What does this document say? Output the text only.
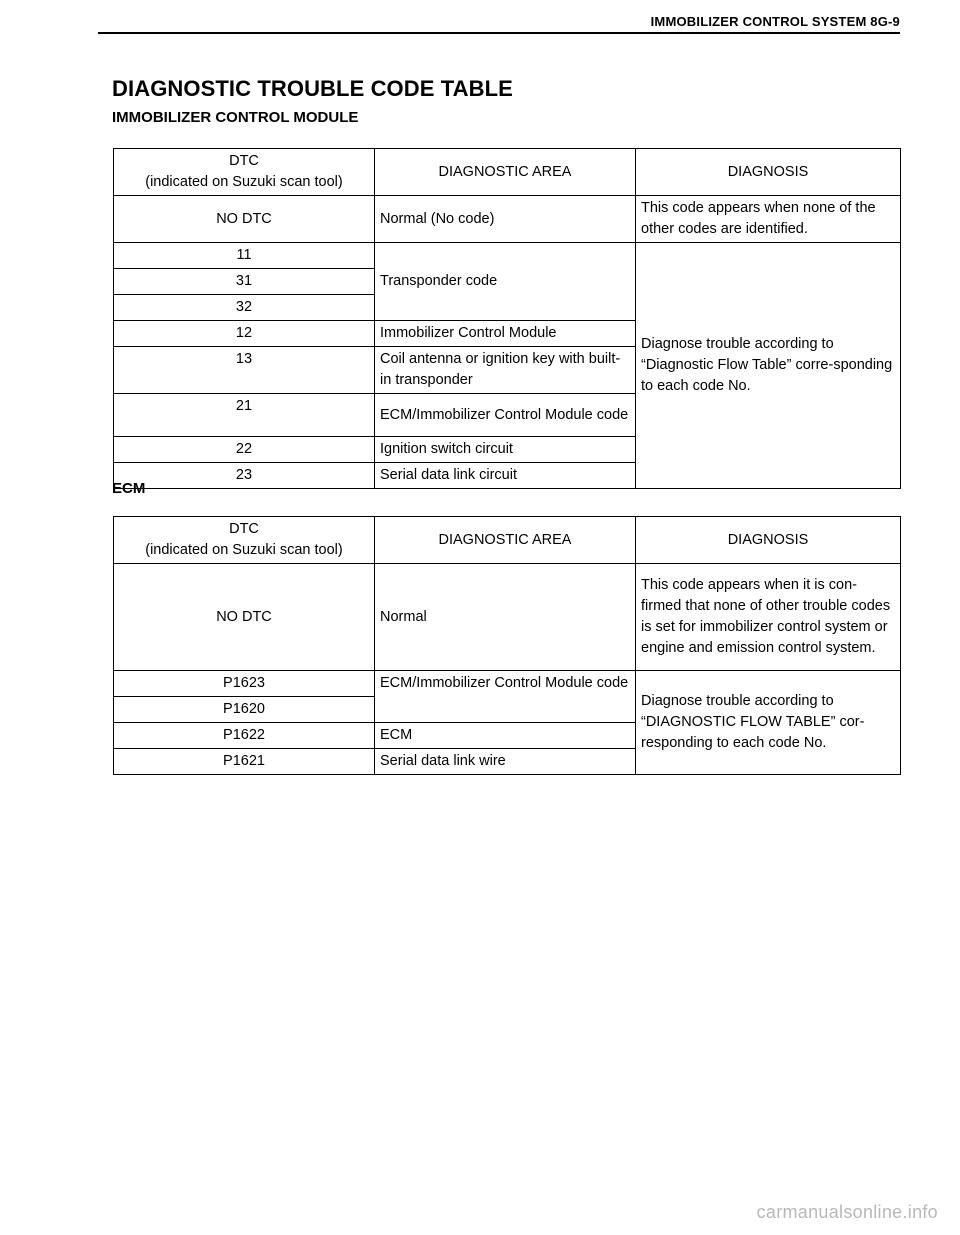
IMMOBILIZER CONTROL SYSTEM 8G-9
DIAGNOSTIC TROUBLE CODE TABLE
IMMOBILIZER CONTROL MODULE
DTC
(indicated on Suzuki scan tool)	DIAGNOSTIC AREA	DIAGNOSIS
NO DTC	Normal (No code)	This code appears when none of the other codes are identified.
11	Transponder code	Diagnose trouble according to “Diagnostic Flow Table” corre-sponding to each code No.
31		
32		
12	Immobilizer Control Module	
13	Coil antenna or ignition key with built-in transponder	
21	ECM/Immobilizer Control Module code	
22	Ignition switch circuit	
23	Serial data link circuit	
ECM
DTC
(indicated on Suzuki scan tool)	DIAGNOSTIC AREA	DIAGNOSIS
NO DTC	Normal	This code appears when it is con-firmed that none of other trouble codes is set for immobilizer control system or engine and emission control system.
P1623	ECM/Immobilizer Control Module code	Diagnose trouble according to “DIAGNOSTIC FLOW TABLE” cor-responding to each code No.
P1620		
P1622	ECM	
P1621	Serial data link wire	
carmanualsonline.info
